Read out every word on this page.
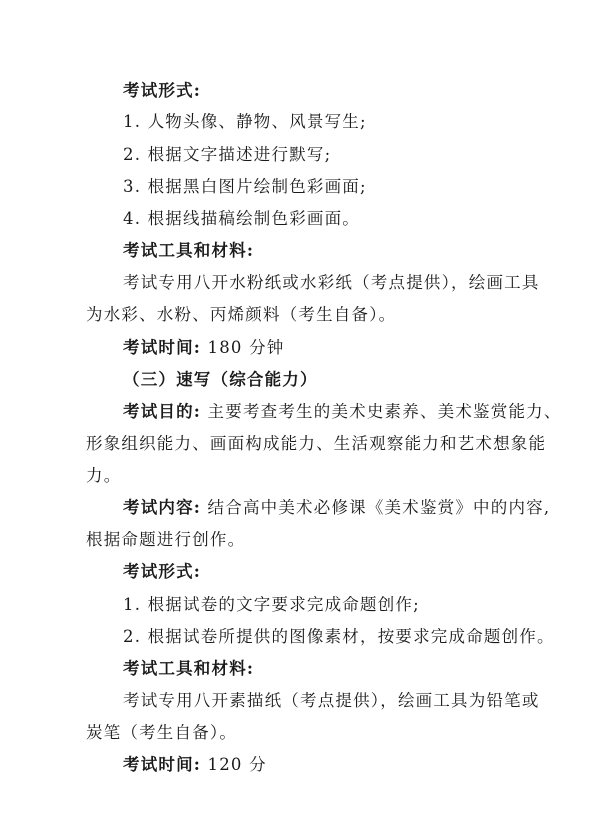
考试形式:
1. 人物头像、静物、风景写生;
2. 根据文字描述进行默写;
3. 根据黑白图片绘制色彩画面;
4. 根据线描稿绘制色彩画面。
考试工具和材料:
考试专用八开水粉纸或水彩纸（考点提供），绘画工具
为水彩、水粉、丙烯颜料（考生自备）。
考试时间: 180 分钟
（三）速写（综合能力）
考试目的: 主要考查考生的美术史素养、美术鉴赏能力、
形象组织能力、画面构成能力、生活观察能力和艺术想象能
力。
考试内容: 结合高中美术必修课《美术鉴赏》中的内容,
根据命题进行创作。
考试形式:
1. 根据试卷的文字要求完成命题创作;
2. 根据试卷所提供的图像素材，按要求完成命题创作。
考试工具和材料:
考试专用八开素描纸（考点提供），绘画工具为铅笔或
炭笔（考生自备）。
考试时间: 120 分
